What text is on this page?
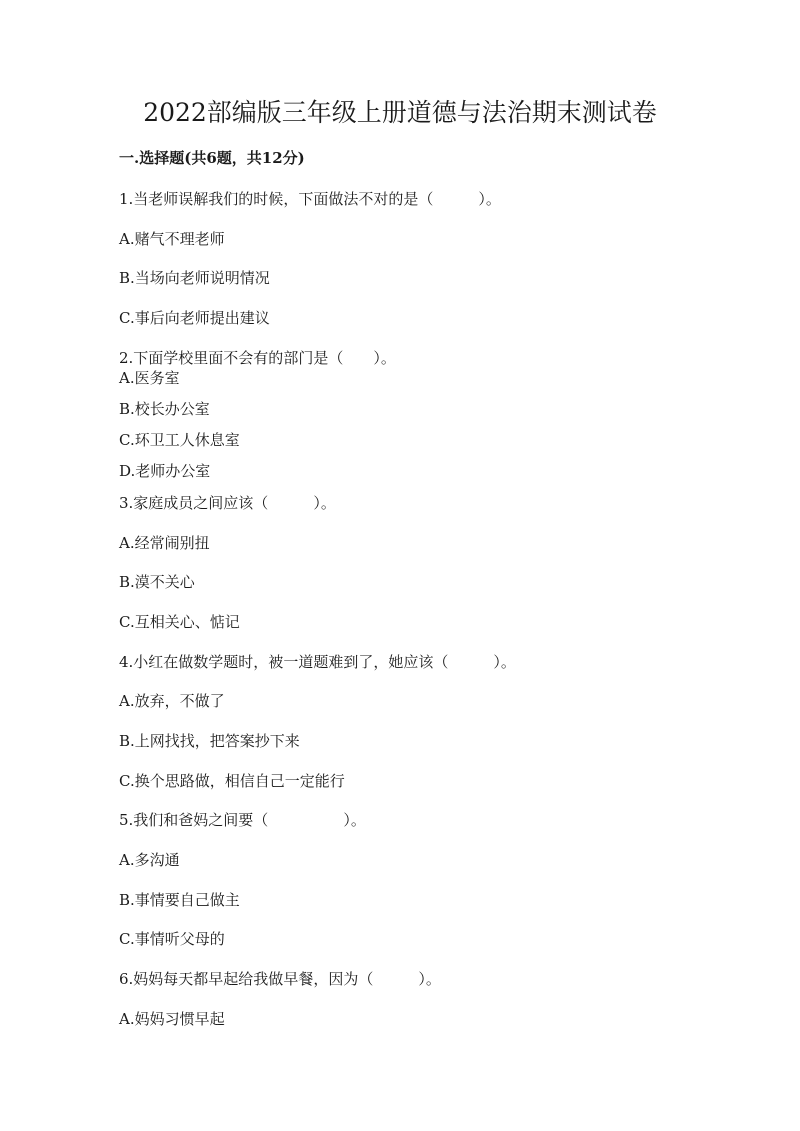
2022部编版三年级上册道德与法治期末测试卷
一.选择题(共6题，共12分)
1.当老师误解我们的时候，下面做法不对的是（　　　）。
A.赌气不理老师
B.当场向老师说明情况
C.事后向老师提出建议
2.下面学校里面不会有的部门是（　　）。
A.医务室
B.校长办公室
C.环卫工人休息室
D.老师办公室
3.家庭成员之间应该（　　　）。
A.经常闹别扭
B.漠不关心
C.互相关心、惦记
4.小红在做数学题时，被一道题难到了，她应该（　　　）。
A.放弃，不做了
B.上网找找，把答案抄下来
C.换个思路做，相信自己一定能行
5.我们和爸妈之间要（　　　　　）。
A.多沟通
B.事情要自己做主
C.事情听父母的
6.妈妈每天都早起给我做早餐，因为（　　　）。
A.妈妈习惯早起
